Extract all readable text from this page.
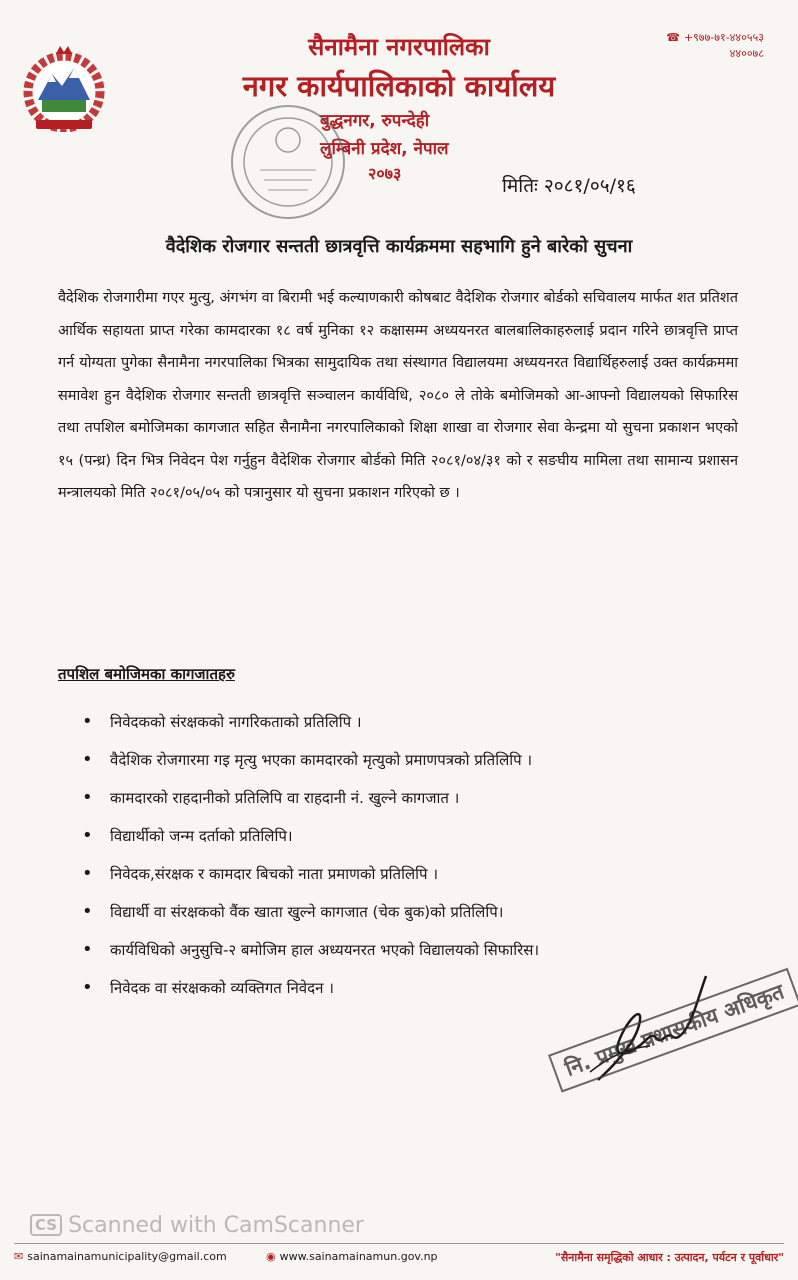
सैनामैना नगरपालिका
नगर कार्यपालिकाको कार्यालय
बुद्धनगर, रुपन्देही
लुम्बिनी प्रदेश, नेपाल
२०७३
☎ +९७७-७१-४४०५५३
४४००७८
मितिः २०८१/०५/१६
वैदेशिक रोजगार सन्तती छात्रवृत्ति कार्यक्रममा सहभागि हुने बारेको सुचना
वैदेशिक रोजगारीमा गएर मुत्यु, अंगभंग वा बिरामी भई कल्याणकारी कोषबाट वैदेशिक रोजगार बोर्डको सचिवालय मार्फत शत प्रतिशत आर्थिक सहायता प्राप्त गरेका कामदारका १८ वर्ष मुनिका १२ कक्षासम्म अध्ययनरत बालबालिकाहरुलाई प्रदान गरिने छात्रवृत्ति प्राप्त गर्न योग्यता पुगेका सैनामैना नगरपालिका भित्रका सामुदायिक तथा संस्थागत विद्यालयमा अध्ययनरत विद्यार्थिहरुलाई उक्त कार्यक्रममा समावेश हुन वैदेशिक रोजगार सन्तती छात्रवृत्ति सञ्चालन कार्यविधि, २०८० ले तोके बमोजिमको आ-आफ्नो विद्यालयको सिफारिस तथा तपशिल बमोजिमका कागजात सहित सैनामैना नगरपालिकाको शिक्षा शाखा वा रोजगार सेवा केन्द्रमा यो सुचना प्रकाशन भएको १५ (पन्ध्र) दिन भित्र निवेदन पेश गर्नुहुन वैदेशिक रोजगार बोर्डको मिति २०८१/०४/३१ को र सङघीय मामिला तथा सामान्य प्रशासन मन्त्रालयको मिति २०८१/०५/०५ को पत्रानुसार यो सुचना प्रकाशन गरिएको छ ।
तपशिल बमोजिमका कागजातहरु
• निवेदकको संरक्षकको नागरिकताको प्रतिलिपि ।
• वैदेशिक रोजगारमा गइ मृत्यु भएका कामदारको मृत्युको प्रमाणपत्रको प्रतिलिपि ।
• कामदारको राहदानीको प्रतिलिपि वा राहदानी नं. खुल्ने कागजात ।
• विद्यार्थीको जन्म दर्ताको प्रतिलिपि।
• निवेदक,संरक्षक र कामदार बिचको नाता प्रमाणको प्रतिलिपि ।
• विद्यार्थी वा संरक्षकको वैंक खाता खुल्ने कागजात (चेक बुक)को प्रतिलिपि।
• कार्यविधिको अनुसुचि-२ बमोजिम हाल अध्ययनरत भएको विद्यालयको सिफारिस।
• निवेदक वा संरक्षकको व्यक्तिगत निवेदन ।	नि. प्रमुख प्रशासकीय अधिकृत
CS Scanned with CamScanner
✉ sainamainamunicipality@gmail.com	◉ www.sainamainamun.gov.np	"सैनामैना समृद्धिको आधार : उत्पादन, पर्यटन र पूर्वाधार"
